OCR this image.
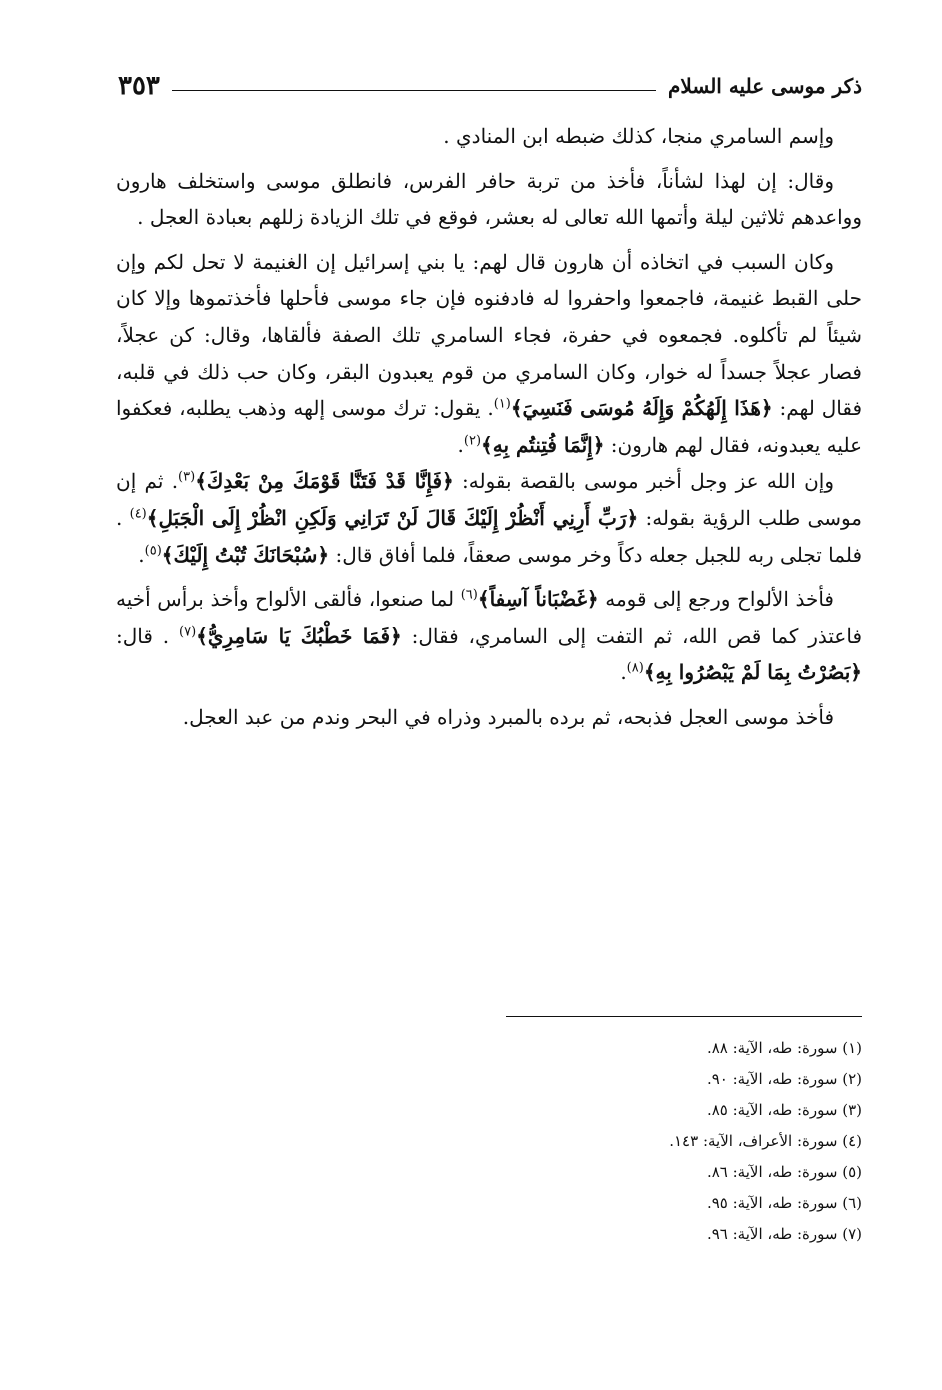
ذكر موسى عليه السلام
٣٥٣

وإسم السامري منجا، كذلك ضبطه ابن المنادي .

وقال: إن لهذا لشأناً، فأخذ من تربة حافر الفرس، فانطلق موسى واستخلف هارون وواعدهم ثلاثين ليلة وأتمها الله تعالى له بعشر، فوقع في تلك الزيادة زللهم بعبادة العجل .

وكان السبب في اتخاذه أن هارون قال لهم: يا بني إسرائيل إن الغنيمة لا تحل لكم وإن حلى القبط غنيمة، فاجمعوا واحفروا له فادفنوه فإن جاء موسى فأحلها فأخذتموها وإلا كان شيئاً لم تأكلوه. فجمعوه في حفرة، فجاء السامري تلك الصفة فألقاها، وقال: كن عجلاً، فصار عجلاً جسداً له خوار، وكان السامري من قوم يعبدون البقر، وكان حب ذلك في قلبه، فقال لهم: ﴿هَذَا إِلَهُكُمْ وَإِلَهُ مُوسَى فَنَسِيَ﴾$^{(١)}$. يقول: ترك موسى إلهه وذهب يطلبه، فعكفوا عليه يعبدونه، فقال لهم هارون: ﴿إِنَّمَا فُتِنتُم بِهِ﴾$^{(٢)}$.

وإن الله عز وجل أخبر موسى بالقصة بقوله: ﴿فَإِنَّا قَدْ فَتَنَّا قَوْمَكَ مِنْ بَعْدِكَ﴾$^{(٣)}$. ثم إن موسى طلب الرؤية بقوله: ﴿رَبِّ أَرِنِي أَنْظُرْ إِلَيْكَ قَالَ لَنْ تَرَانِي وَلَكِنِ انْظُرْ إِلَى الْجَبَلِ﴾$^{(٤)}$ . فلما تجلى ربه للجبل جعله دكاً وخر موسى صعقاً، فلما أفاق قال: ﴿سُبْحَانَكَ تُبْتُ إِلَيْكَ﴾$^{(٥)}$.

فأخذ الألواح ورجع إلى قومه ﴿غَضْبَاناً آسِفاً﴾$^{(٦)}$ لما صنعوا، فألقى الألواح وأخذ برأس أخيه فاعتذر كما قص الله، ثم التفت إلى السامري، فقال: ﴿فَمَا خَطْبُكَ يَا سَامِرِيُّ﴾$^{(٧)}$ . قال: ﴿بَصُرْتُ بِمَا لَمْ يَبْصُرُوا بِهِ﴾$^{(٨)}$.

فأخذ موسى العجل فذبحه، ثم برده بالمبرد وذراه في البحر وندم من عبد العجل.

(١) سورة: طه، الآية: ٨٨.
(٢) سورة: طه، الآية: ٩٠.
(٣) سورة: طه، الآية: ٨٥.
(٤) سورة: الأعراف، الآية: ١٤٣.
(٥) سورة: طه، الآية: ٨٦.
(٦) سورة: طه، الآية: ٩٥.
(٧) سورة: طه، الآية: ٩٦.
